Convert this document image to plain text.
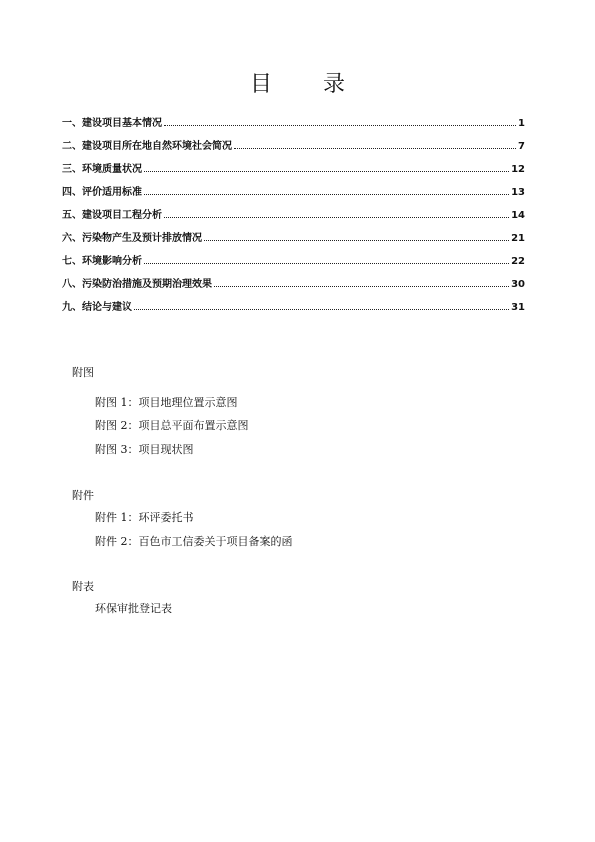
目 录
一、建设项目基本情况	1
二、建设项目所在地自然环境社会简况	7
三、环境质量状况	12
四、评价适用标准	13
五、建设项目工程分析	14
六、污染物产生及预计排放情况	21
七、环境影响分析	22
八、污染防治措施及预期治理效果	30
九、结论与建议	31
附图
附图 1：项目地理位置示意图
附图 2：项目总平面布置示意图
附图 3：项目现状图
附件
附件 1：环评委托书
附件 2：百色市工信委关于项目备案的函
附表
环保审批登记表
